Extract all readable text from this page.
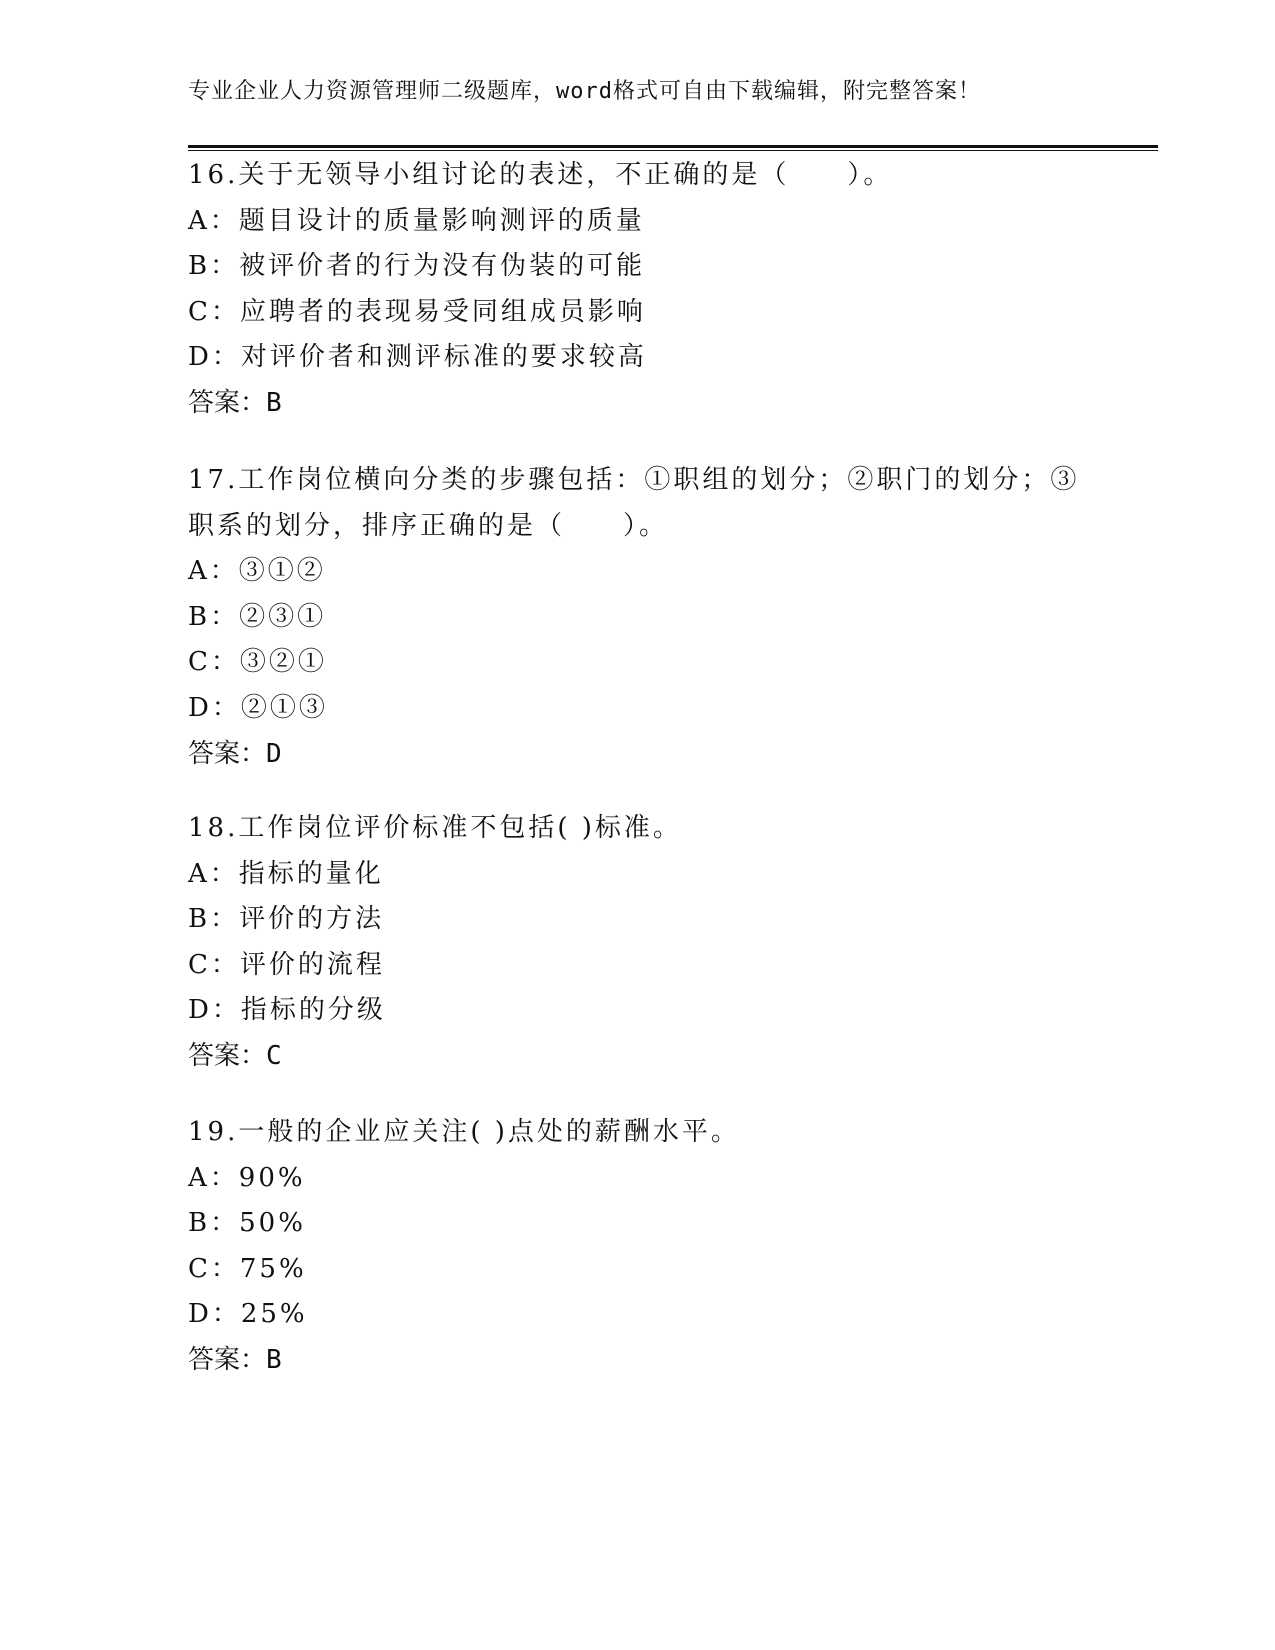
专业企业人力资源管理师二级题库，word格式可自由下载编辑，附完整答案！
16.关于无领导小组讨论的表述，不正确的是（　　）。
A：题目设计的质量影响测评的质量
B：被评价者的行为没有伪装的可能
C：应聘者的表现易受同组成员影响
D：对评价者和测评标准的要求较高
答案：B
17.工作岗位横向分类的步骤包括：①职组的划分；②职门的划分；③
职系的划分，排序正确的是（　　）。
A：③①②
B：②③①
C：③②①
D：②①③
答案：D
18.工作岗位评价标准不包括( )标准。
A：指标的量化
B：评价的方法
C：评价的流程
D：指标的分级
答案：C
19.一般的企业应关注( )点处的薪酬水平。
A：90%
B：50%
C：75%
D：25%
答案：B
